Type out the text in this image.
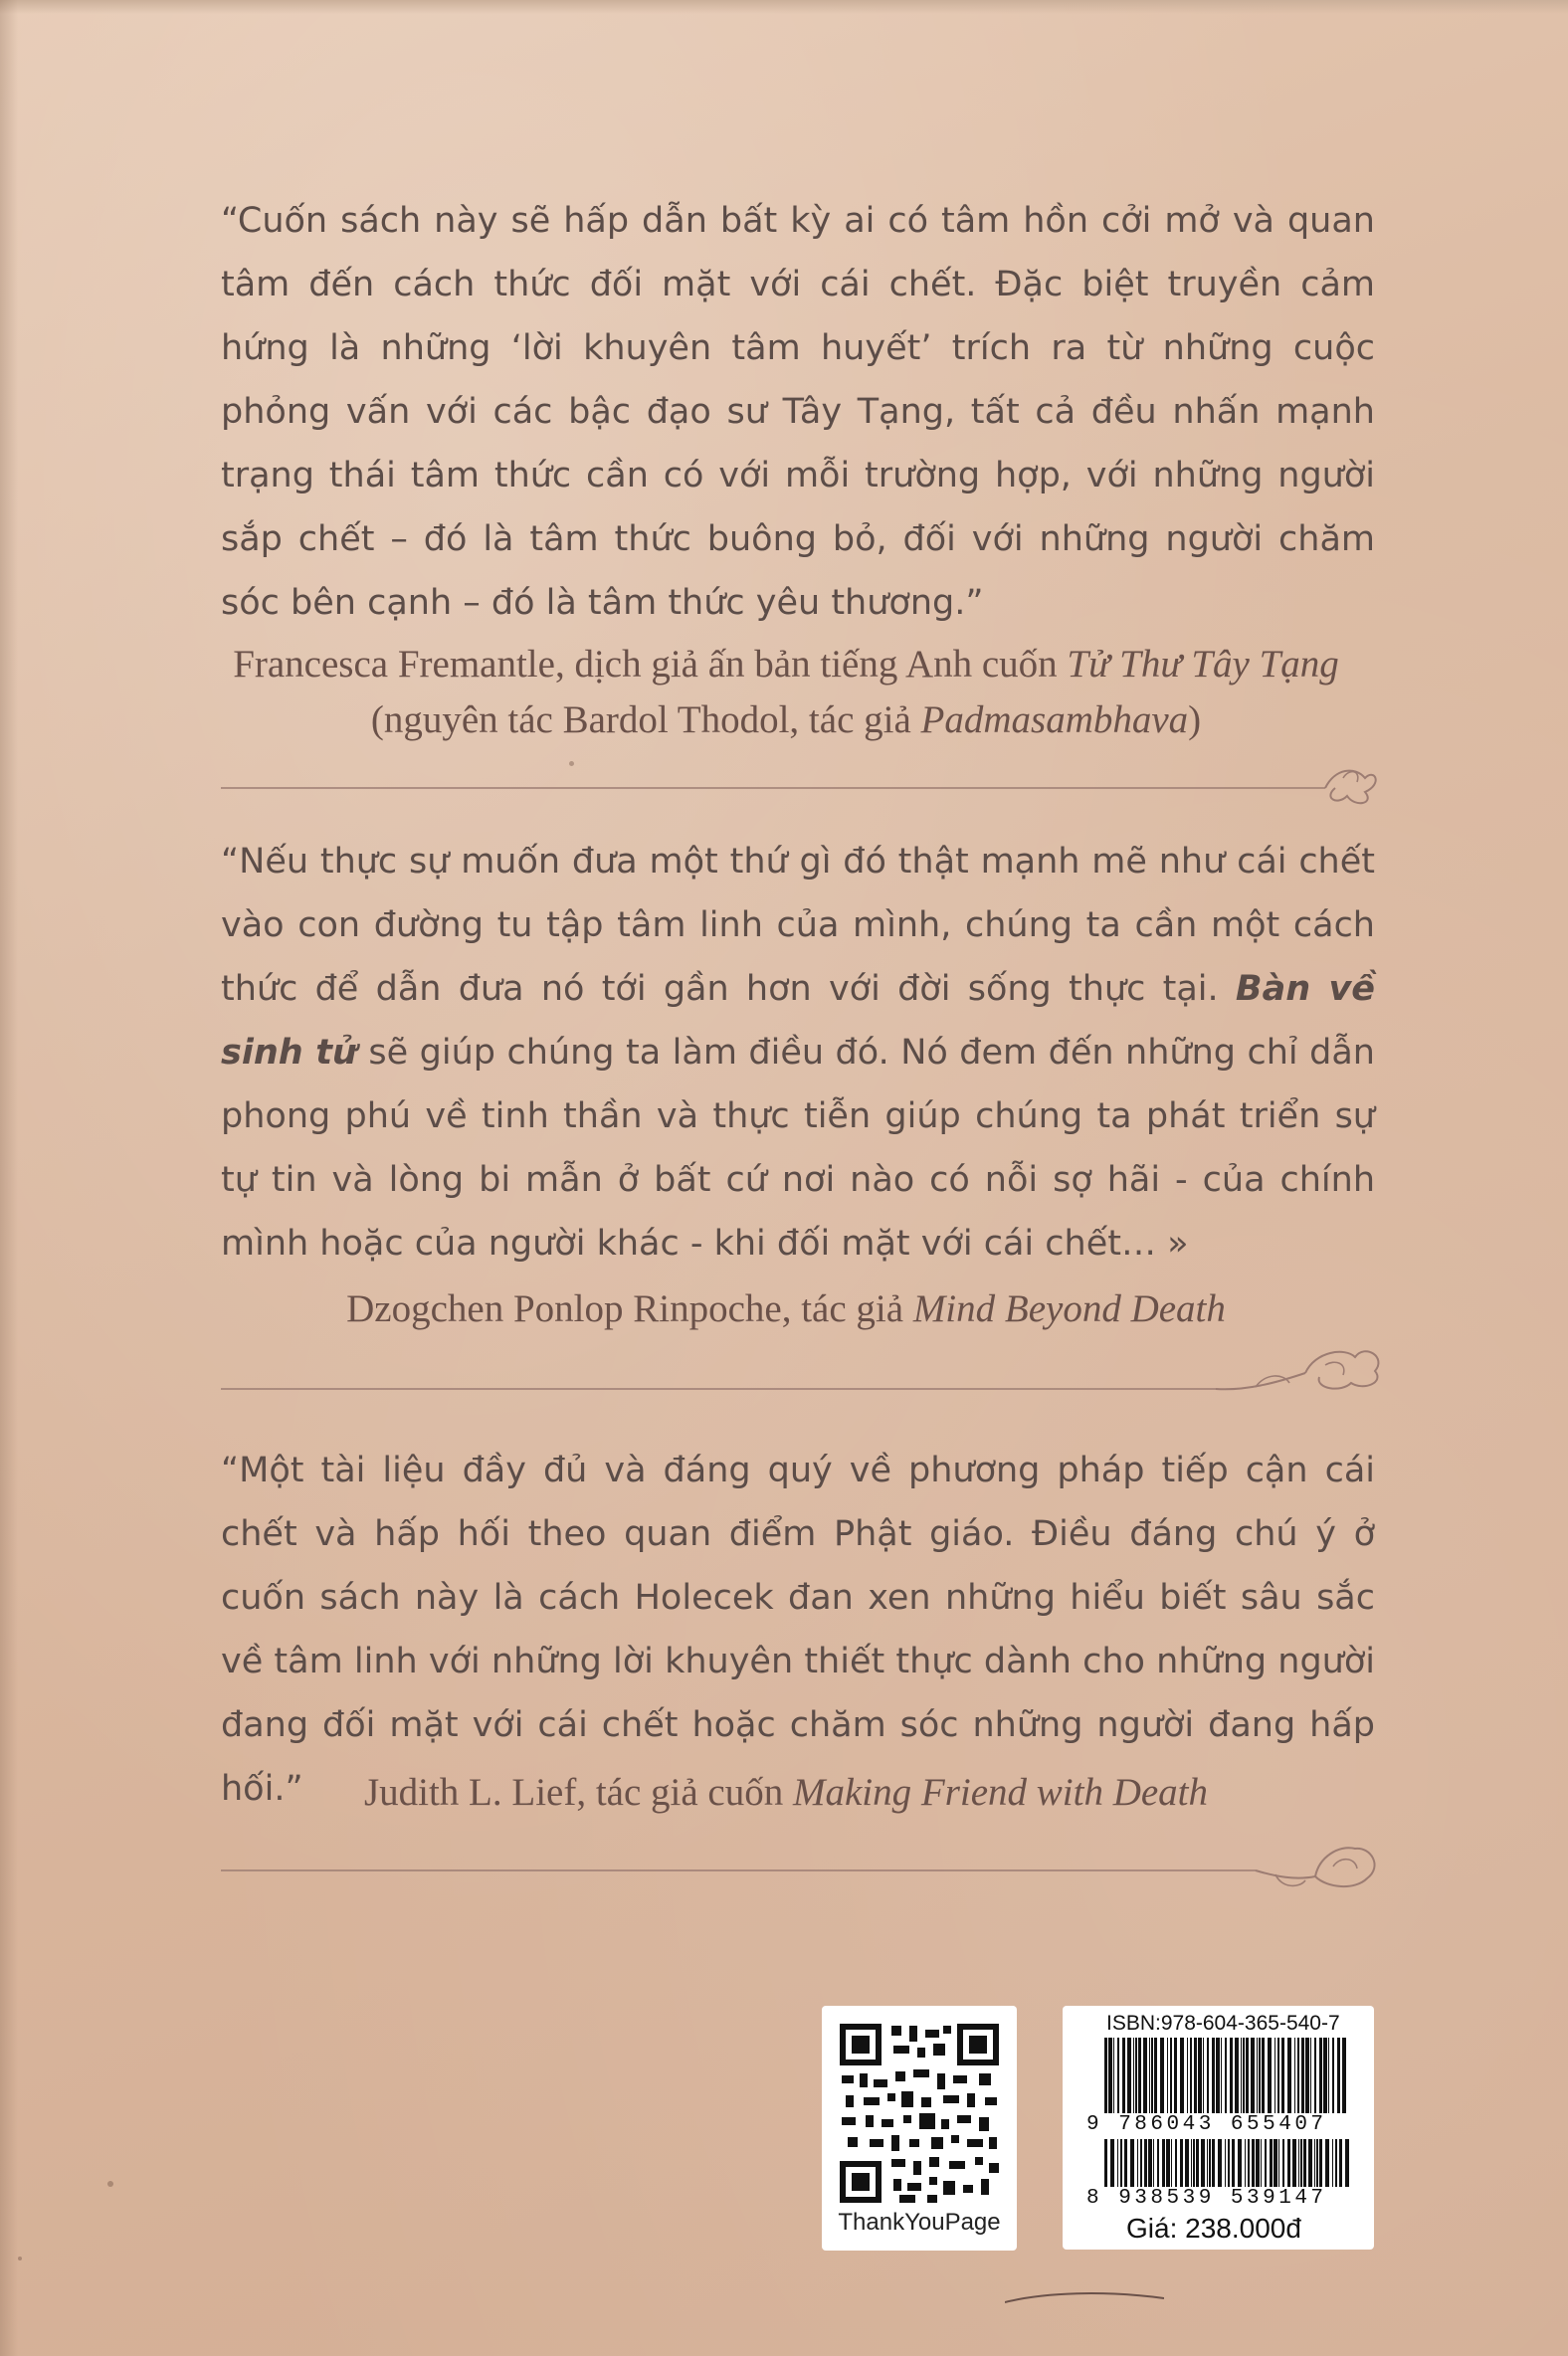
“Cuốn sách này sẽ hấp dẫn bất kỳ ai có tâm hồn cởi mở và quan tâm đến cách thức đối mặt với cái chết. Đặc biệt truyền cảm hứng là những ‘lời khuyên tâm huyết’ trích ra từ những cuộc phỏng vấn với các bậc đạo sư Tây Tạng, tất cả đều nhấn mạnh trạng thái tâm thức cần có với mỗi trường hợp, với những người sắp chết – đó là tâm thức buông bỏ, đối với những người chăm sóc bên cạnh – đó là tâm thức yêu thương.”

Francesca Fremantle, dịch giả ấn bản tiếng Anh cuốn Tử Thư Tây Tạng
(nguyên tác Bardol Thodol, tác giả Padmasambhava)

“Nếu thực sự muốn đưa một thứ gì đó thật mạnh mẽ như cái chết vào con đường tu tập tâm linh của mình, chúng ta cần một cách thức để dẫn đưa nó tới gần hơn với đời sống thực tại. Bàn về sinh tử sẽ giúp chúng ta làm điều đó. Nó đem đến những chỉ dẫn phong phú về tinh thần và thực tiễn giúp chúng ta phát triển sự tự tin và lòng bi mẫn ở bất cứ nơi nào có nỗi sợ hãi - của chính mình hoặc của người khác - khi đối mặt với cái chết… »

Dzogchen Ponlop Rinpoche, tác giả Mind Beyond Death

“Một tài liệu đầy đủ và đáng quý về phương pháp tiếp cận cái chết và hấp hối theo quan điểm Phật giáo. Điều đáng chú ý ở cuốn sách này là cách Holecek đan xen những hiểu biết sâu sắc về tâm linh với những lời khuyên thiết thực dành cho những người đang đối mặt với cái chết hoặc chăm sóc những người đang hấp hối.”	Judith L. Lief, tác giả cuốn Making Friend with Death

ThankYouPage
ISBN:978-604-365-540-7
9 786043 655407
8 938539 539147
Giá: 238.000đ
